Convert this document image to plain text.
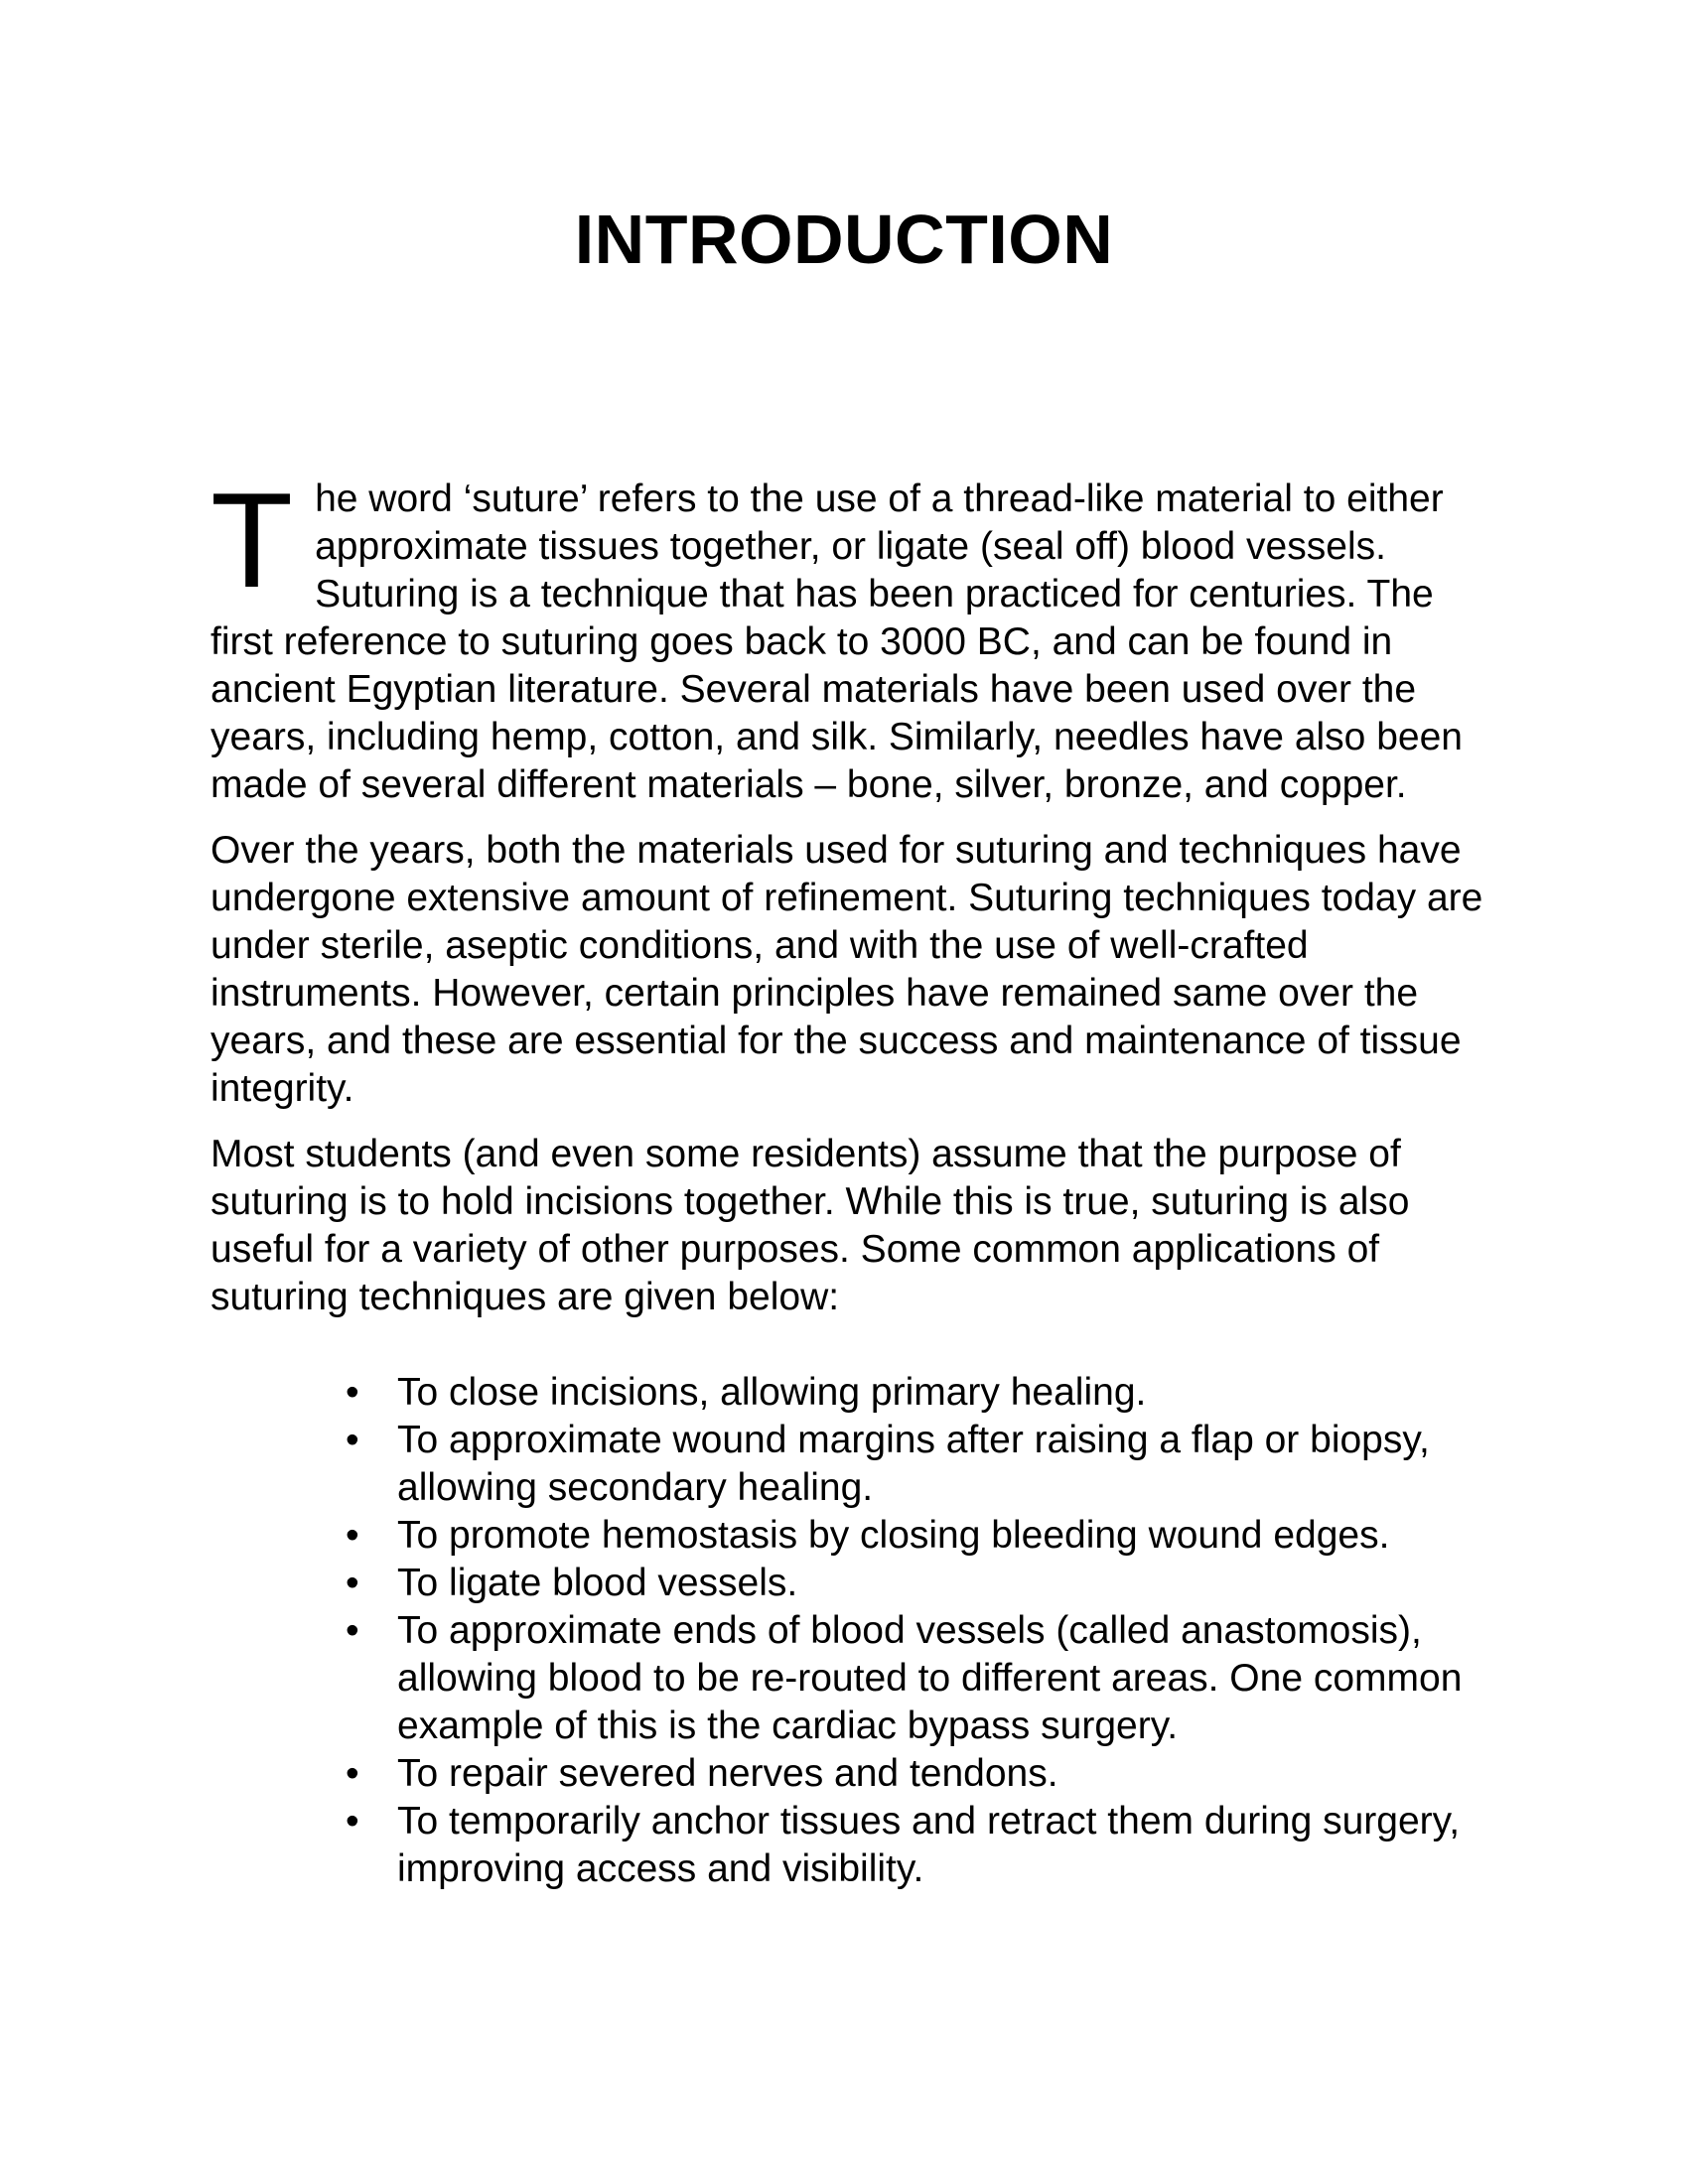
INTRODUCTION

The word ‘suture’ refers to the use of a thread-like material to either approximate tissues together, or ligate (seal off) blood vessels. Suturing is a technique that has been practiced for centuries. The first reference to suturing goes back to 3000 BC, and can be found in ancient Egyptian literature. Several materials have been used over the years, including hemp, cotton, and silk. Similarly, needles have also been made of several different materials – bone, silver, bronze, and copper.

Over the years, both the materials used for suturing and techniques have undergone extensive amount of refinement. Suturing techniques today are under sterile, aseptic conditions, and with the use of well-crafted instruments. However, certain principles have remained same over the years, and these are essential for the success and maintenance of tissue integrity.

Most students (and even some residents) assume that the purpose of suturing is to hold incisions together. While this is true, suturing is also useful for a variety of other purposes. Some common applications of suturing techniques are given below:

• To close incisions, allowing primary healing.
• To approximate wound margins after raising a flap or biopsy, allowing secondary healing.
• To promote hemostasis by closing bleeding wound edges.
• To ligate blood vessels.
• To approximate ends of blood vessels (called anastomosis), allowing blood to be re-routed to different areas. One common example of this is the cardiac bypass surgery.
• To repair severed nerves and tendons.
• To temporarily anchor tissues and retract them during surgery, improving access and visibility.
